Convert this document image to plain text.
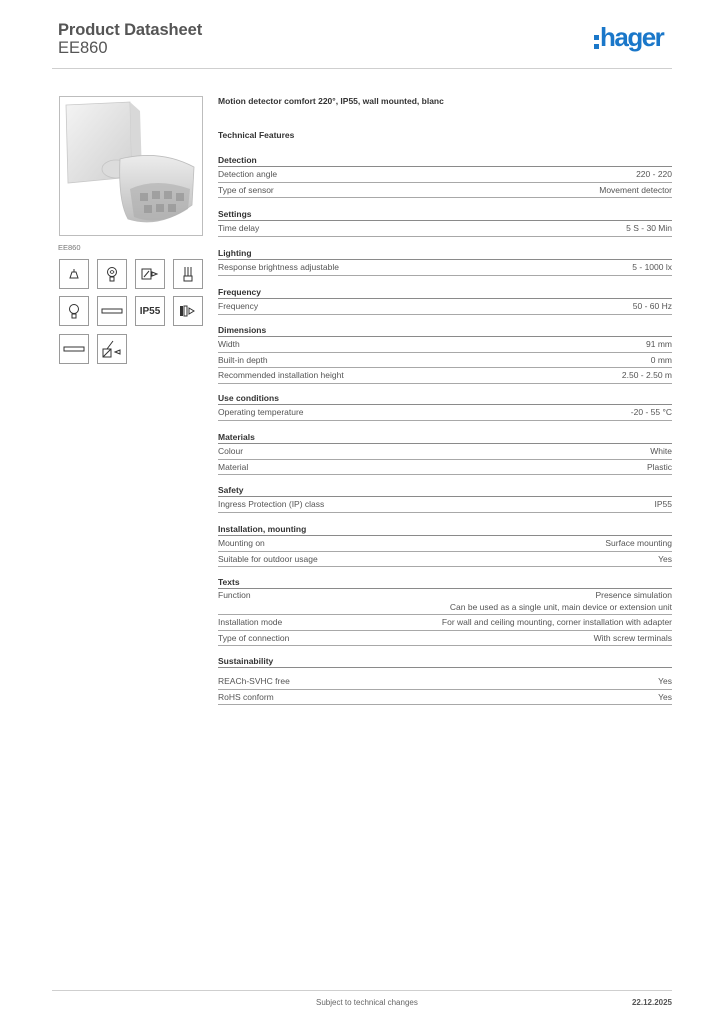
Product Datasheet
EE860	hager
EE860
IP55
Motion detector comfort 220°, IP55, wall mounted, blanc
Technical Features
Detection
Detection angle	220 - 220
Type of sensor	Movement detector
Settings
Time delay	5 S - 30 Min
Lighting
Response brightness adjustable	5 - 1000 lx
Frequency
Frequency	50 - 60 Hz
Dimensions
Width	91 mm
Built-in depth	0 mm
Recommended installation height	2.50 - 2.50 m
Use conditions
Operating temperature	-20 - 55 °C
Materials
Colour	White
Material	Plastic
Safety
Ingress Protection (IP) class	IP55
Installation, mounting
Mounting on	Surface mounting
Suitable for outdoor usage	Yes
Texts
Function	Presence simulation
Can be used as a single unit, main device or extension unit
Installation mode	For wall and ceiling mounting, corner installation with adapter
Type of connection	With screw terminals
Sustainability
REACh-SVHC free	Yes
RoHS conform	Yes
Subject to technical changes	22.12.2025
